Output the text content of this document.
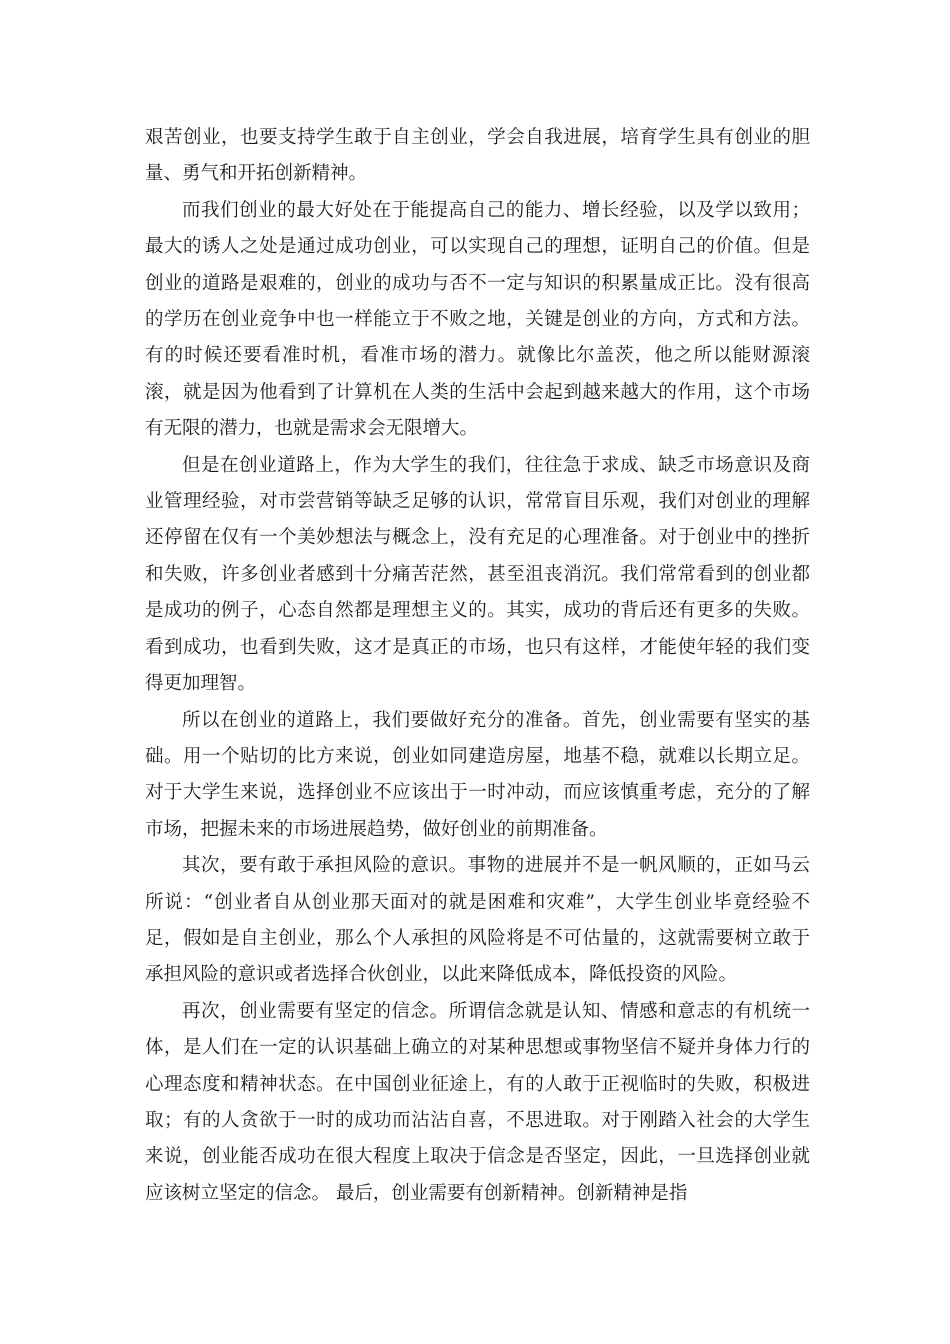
艰苦创业，也要支持学生敢于自主创业，学会自我进展，培育学生具有创业的胆量、勇气和开拓创新精神。

而我们创业的最大好处在于能提高自己的能力、增长经验，以及学以致用；最大的诱人之处是通过成功创业，可以实现自己的理想，证明自己的价值。但是创业的道路是艰难的，创业的成功与否不一定与知识的积累量成正比。没有很高的学历在创业竞争中也一样能立于不败之地，关键是创业的方向，方式和方法。有的时候还要看准时机，看准市场的潜力。就像比尔盖茨，他之所以能财源滚滚，就是因为他看到了计算机在人类的生活中会起到越来越大的作用，这个市场有无限的潜力，也就是需求会无限增大。

但是在创业道路上，作为大学生的我们，往往急于求成、缺乏市场意识及商业管理经验，对市尝营销等缺乏足够的认识，常常盲目乐观，我们对创业的理解还停留在仅有一个美妙想法与概念上，没有充足的心理准备。对于创业中的挫折和失败，许多创业者感到十分痛苦茫然，甚至沮丧消沉。我们常常看到的创业都是成功的例子，心态自然都是理想主义的。其实，成功的背后还有更多的失败。看到成功，也看到失败，这才是真正的市场，也只有这样，才能使年轻的我们变得更加理智。

所以在创业的道路上，我们要做好充分的准备。首先，创业需要有坚实的基础。用一个贴切的比方来说，创业如同建造房屋，地基不稳，就难以长期立足。对于大学生来说，选择创业不应该出于一时冲动，而应该慎重考虑，充分的了解市场，把握未来的市场进展趋势，做好创业的前期准备。

其次，要有敢于承担风险的意识。事物的进展并不是一帆风顺的，正如马云所说：“创业者自从创业那天面对的就是困难和灾难”，大学生创业毕竟经验不足，假如是自主创业，那么个人承担的风险将是不可估量的，这就需要树立敢于承担风险的意识或者选择合伙创业，以此来降低成本，降低投资的风险。

再次，创业需要有坚定的信念。所谓信念就是认知、情感和意志的有机统一体，是人们在一定的认识基础上确立的对某种思想或事物坚信不疑并身体力行的心理态度和精神状态。在中国创业征途上，有的人敢于正视临时的失败，积极进取；有的人贪欲于一时的成功而沾沾自喜，不思进取。对于刚踏入社会的大学生来说，创业能否成功在很大程度上取决于信念是否坚定，因此，一旦选择创业就应该树立坚定的信念。 最后，创业需要有创新精神。创新精神是指
